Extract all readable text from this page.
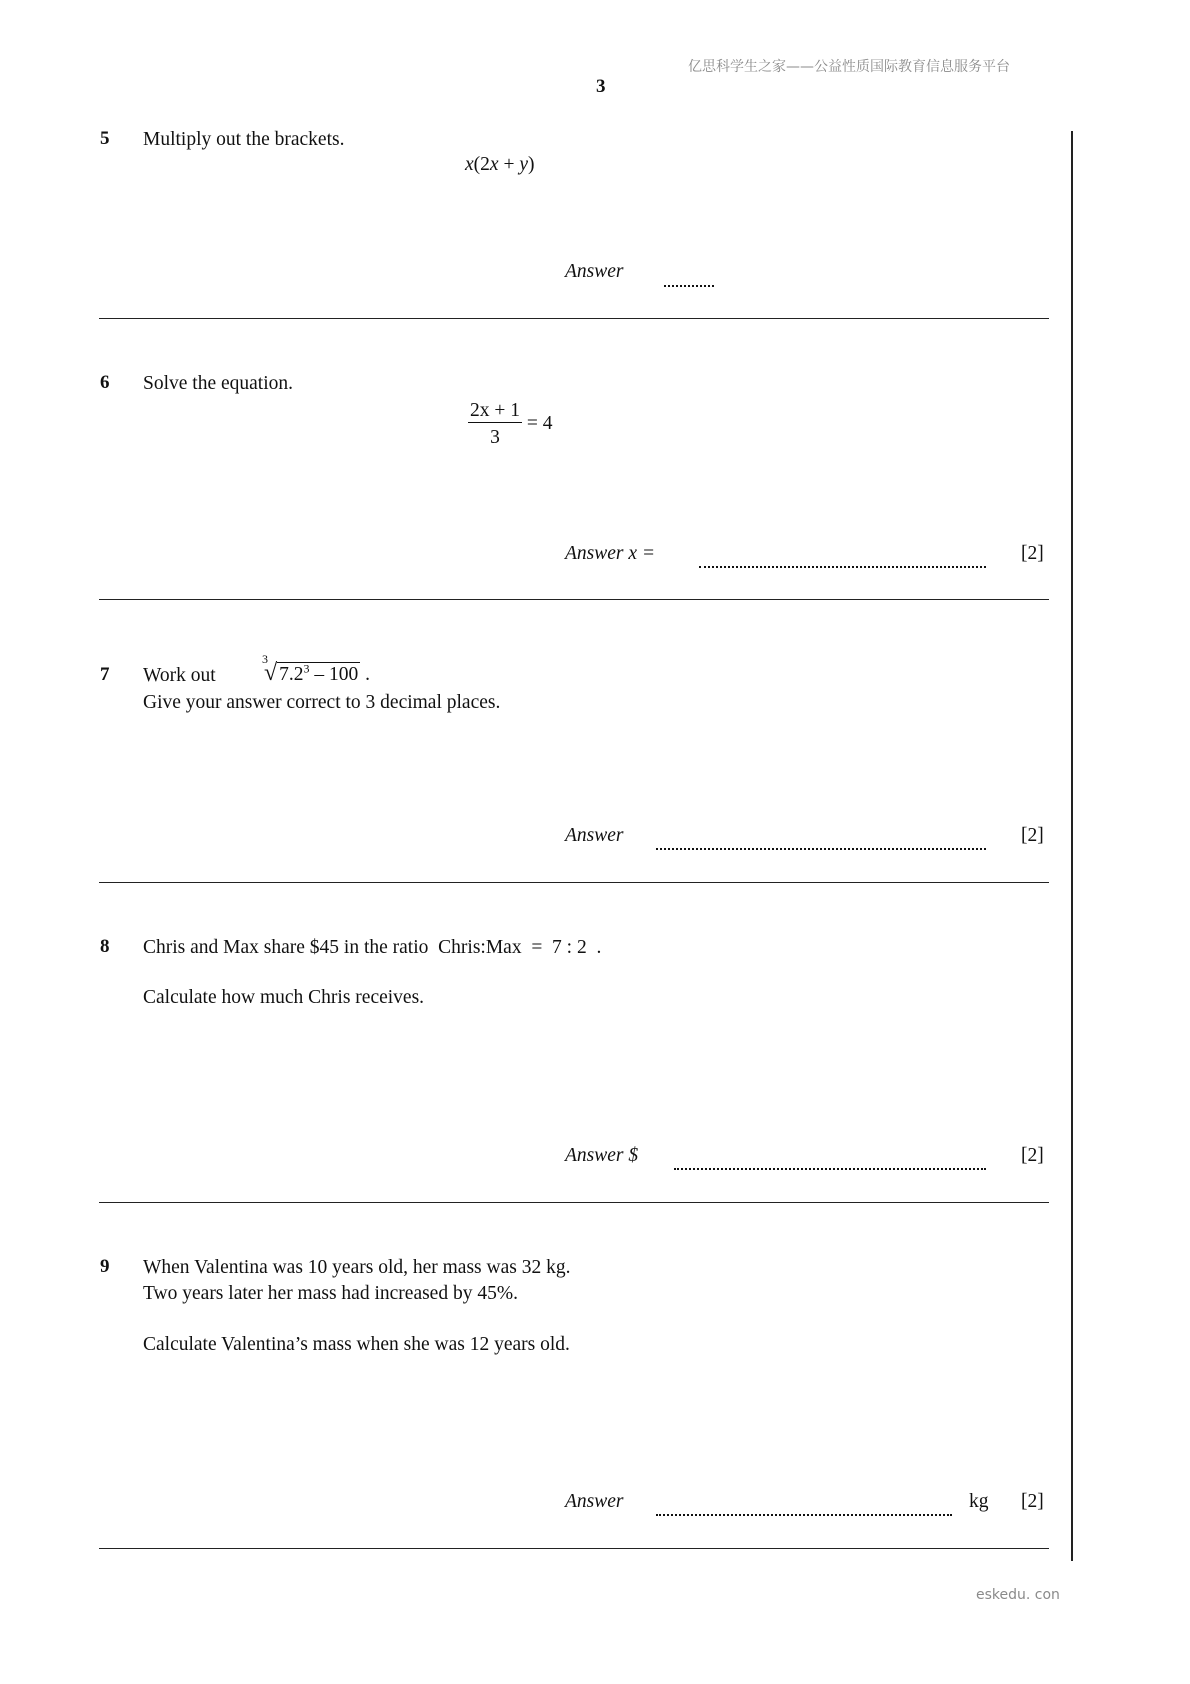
亿思科学生之家——公益性质国际教育信息服务平台
3
5 Multiply out the brackets.
x(2x + y)
Answer
6 Solve the equation.
$\frac{2x + 1}{3} = 4$
Answer x =	[2]
7 Work out
3
√ $7.2^3 - 100$ .
Give your answer correct to 3 decimal places.
Answer	[2]
8 Chris and Max share $45 in the ratio  Chris:Max  =  7 : 2  .
Calculate how much Chris receives.
Answer $	[2]
9 When Valentina was 10 years old, her mass was 32 kg.
Two years later her mass had increased by 45%.
Calculate Valentina’s mass when she was 12 years old.
Answer	kg [2]
eskedu. con
